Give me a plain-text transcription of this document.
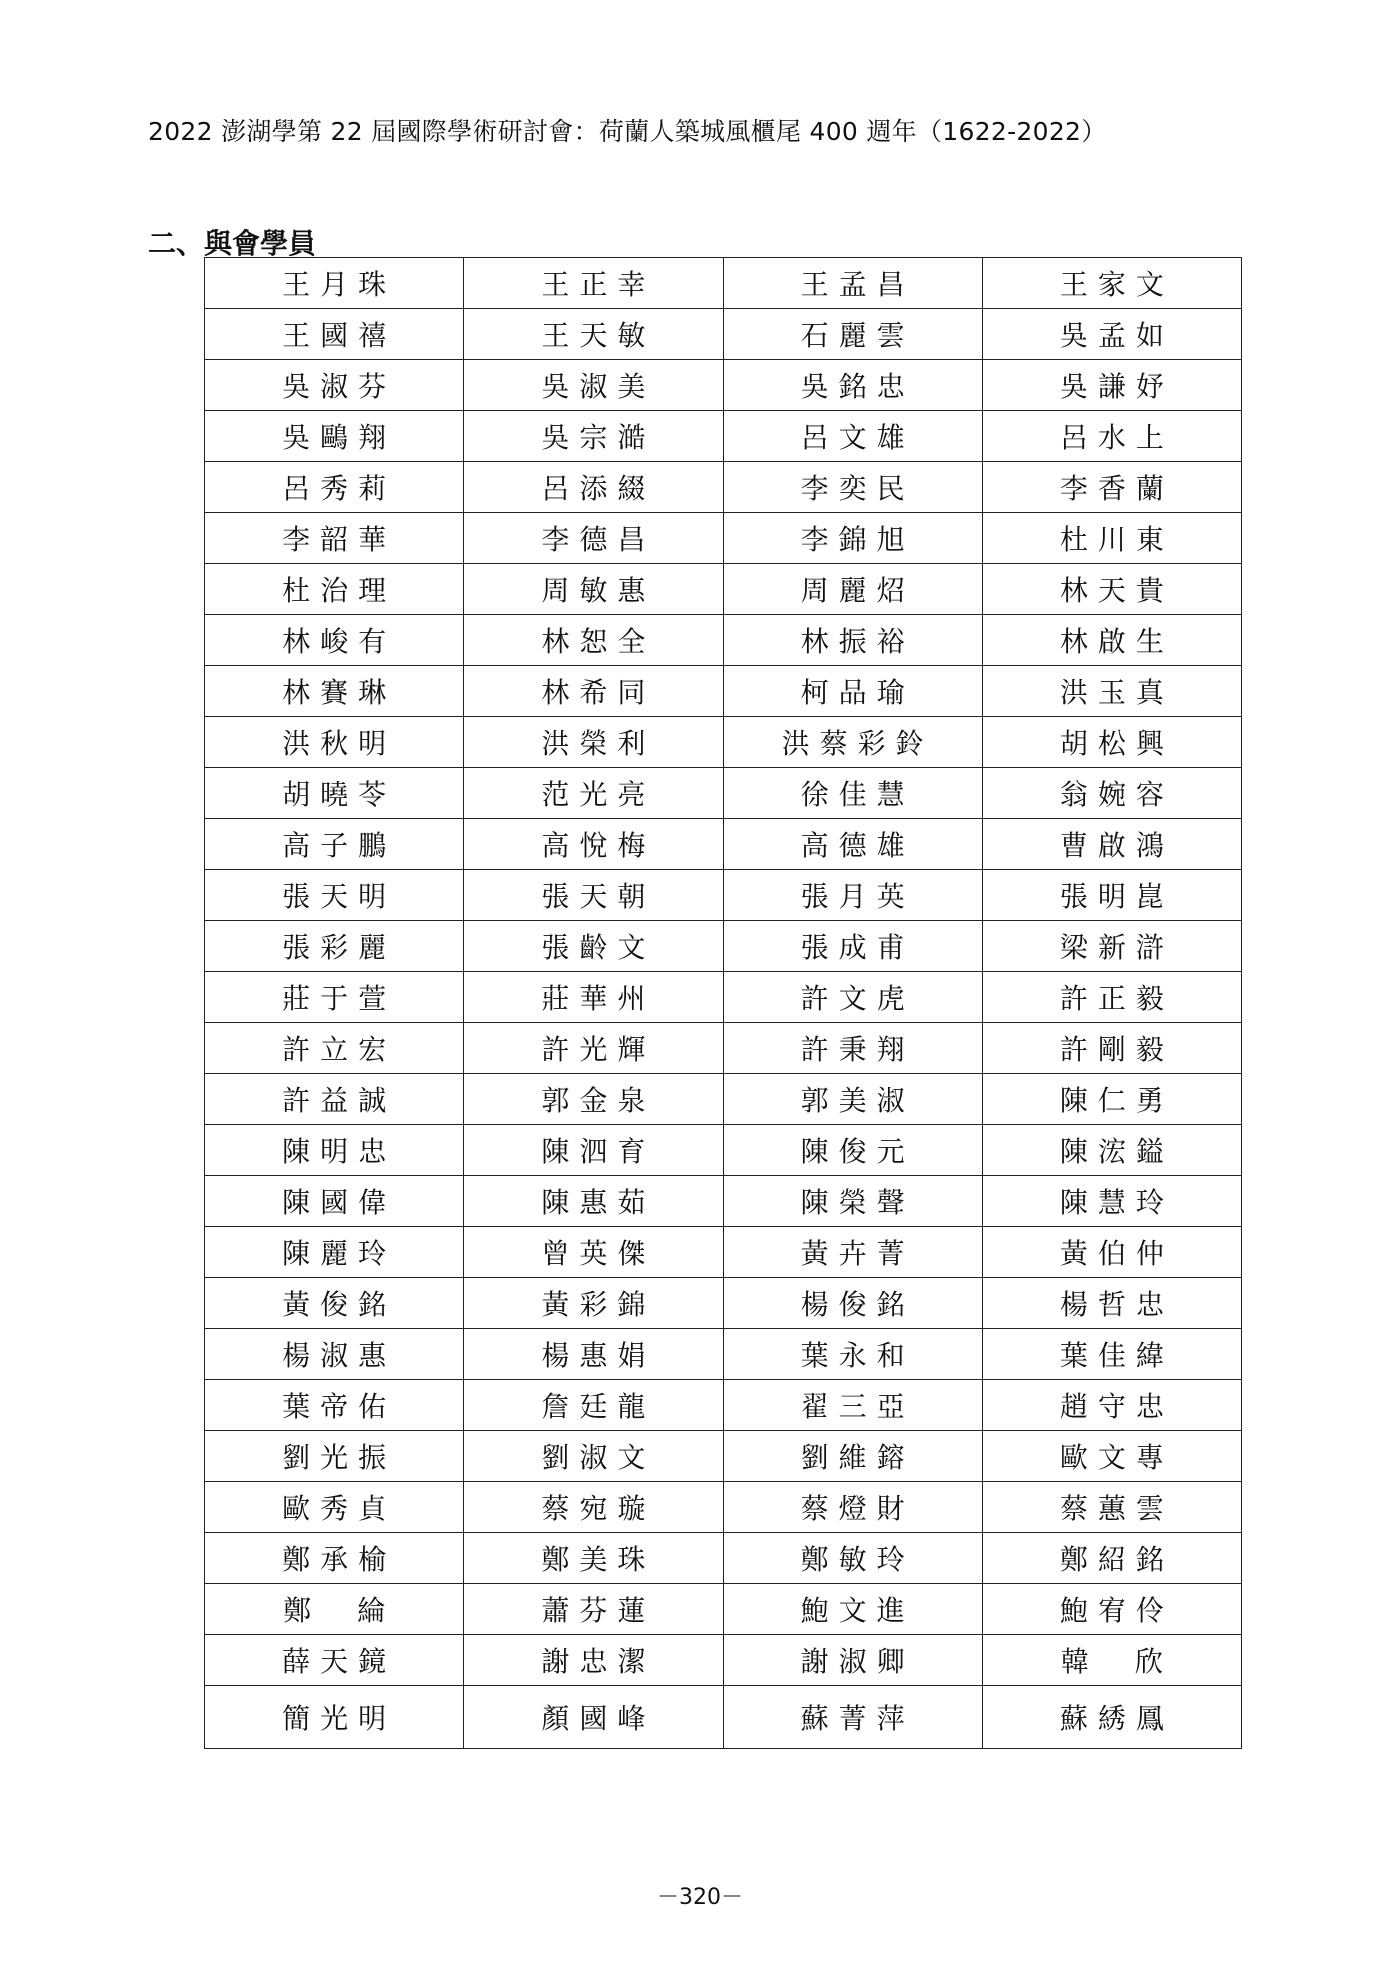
2022 澎湖學第 22 屆國際學術研討會：荷蘭人築城風櫃尾 400 週年（1622-2022）
二、與會學員
王月珠	王正幸	王孟昌	王家文
王國禧	王天敏	石麗雲	吳孟如
吳淑芬	吳淑美	吳銘忠	吳謙妤
吳鷗翔	吳宗澔	呂文雄	呂水上
呂秀莉	呂添綴	李奕民	李香蘭
李韶華	李德昌	李錦旭	杜川東
杜治理	周敏惠	周麗炤	林天貴
林峻有	林恕全	林振裕	林啟生
林賽琳	林希同	柯品瑜	洪玉真
洪秋明	洪榮利	洪蔡彩鈴	胡松興
胡曉苓	范光亮	徐佳慧	翁婉容
高子鵬	高悅梅	高德雄	曹啟鴻
張天明	張天朝	張月英	張明崑
張彩麗	張齡文	張成甫	梁新滸
莊于萱	莊華州	許文虎	許正毅
許立宏	許光輝	許秉翔	許剛毅
許益誠	郭金泉	郭美淑	陳仁勇
陳明忠	陳泗育	陳俊元	陳浤鎰
陳國偉	陳惠茹	陳榮聲	陳慧玲
陳麗玲	曾英傑	黃卉菁	黃伯仲
黃俊銘	黃彩錦	楊俊銘	楊哲忠
楊淑惠	楊惠娟	葉永和	葉佳緯
葉帝佑	詹廷龍	翟三亞	趙守忠
劉光振	劉淑文	劉維鎔	歐文專
歐秀貞	蔡宛璇	蔡燈財	蔡蕙雲
鄭承榆	鄭美珠	鄭敏玲	鄭紹銘
鄭綸	蕭芬蓮	鮑文進	鮑宥伶
薛天鏡	謝忠潔	謝淑卿	韓欣
簡光明	顏國峰	蘇菁萍	蘇綉鳳
－320－
